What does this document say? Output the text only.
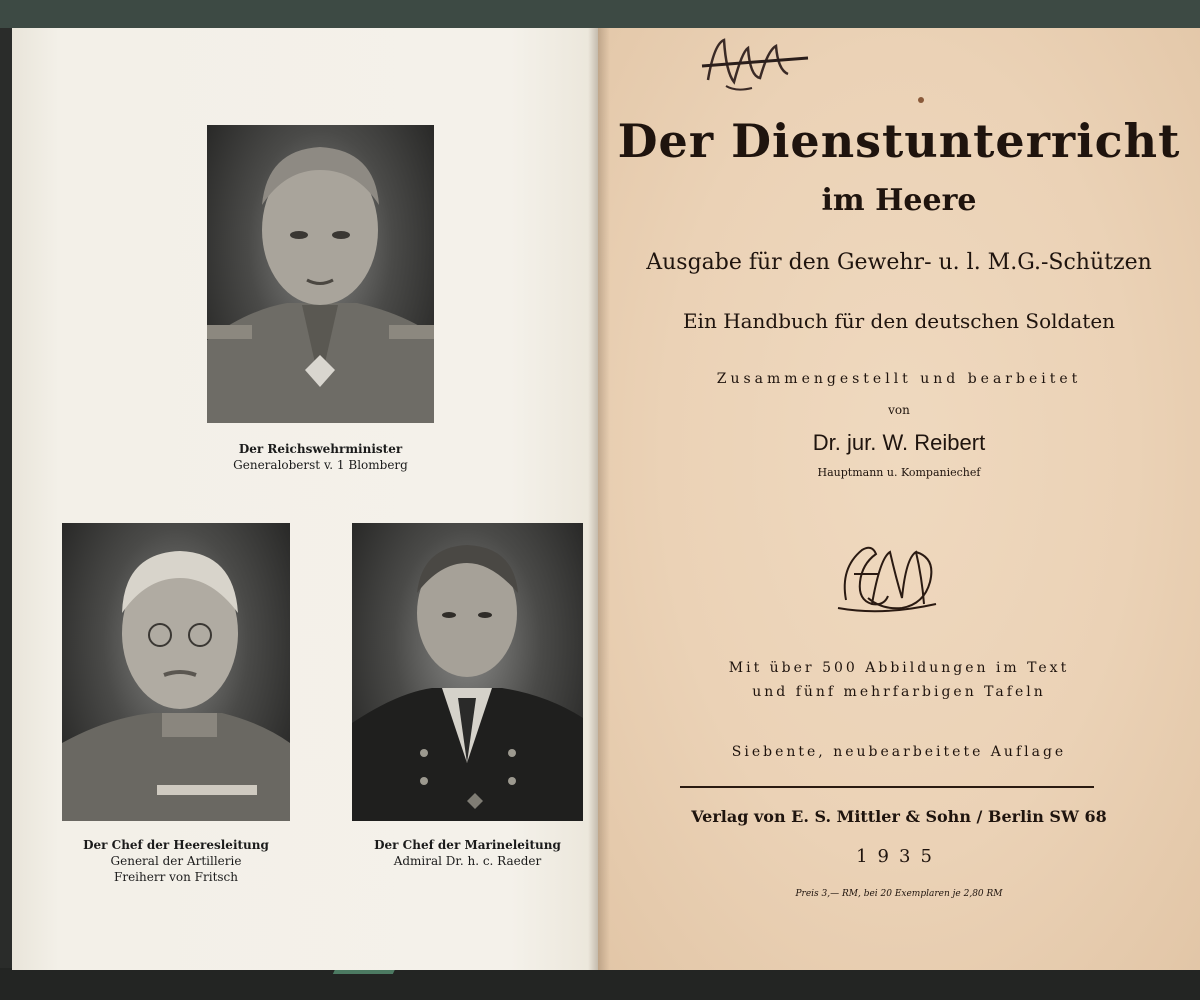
Der Reichswehrminister
Generaloberst v. 1 Blomberg
Der Chef der Heeresleitung
General der Artillerie
Freiherr von Fritsch
Der Chef der Marineleitung
Admiral Dr. h. c. Raeder
Der Dienstunterricht
im Heere
Ausgabe für den Gewehr- u. l. M.G.-Schützen
Ein Handbuch für den deutschen Soldaten
Zusammengestellt und bearbeitet
von
Dr. jur. W. Reibert
Hauptmann u. Kompaniechef
Mit über 500 Abbildungen im Text
und fünf mehrfarbigen Tafeln
Siebente, neubearbeitete Auflage
Verlag von E. S. Mittler & Sohn / Berlin SW 68
1935
Preis 3,— RM, bei 20 Exemplaren je 2,80 RM
